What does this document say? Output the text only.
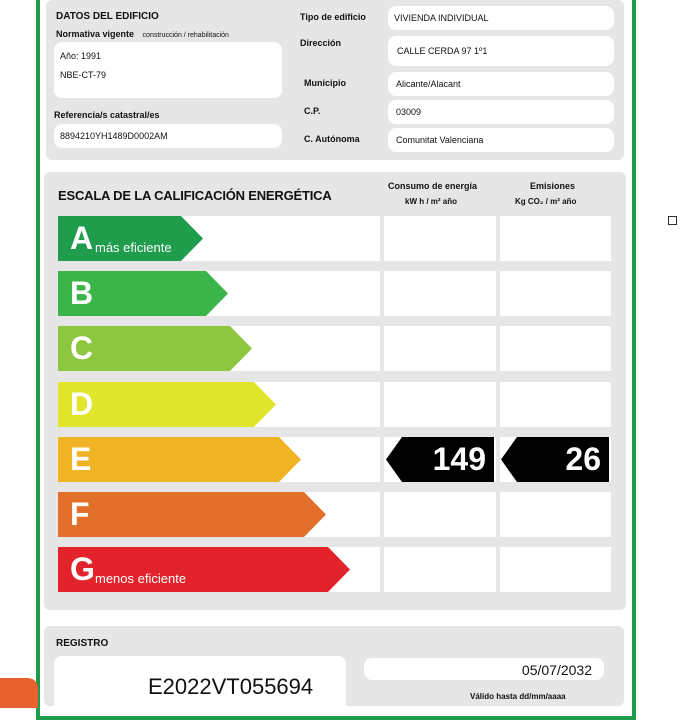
DATOS DEL EDIFICIO
Normativa vigente construcción / rehabilitación
Año: 1991
NBE-CT-79
Referencia/s catastral/es
8894210YH1489D0002AM
Tipo de edificio	VIVIENDA INDIVIDUAL
Dirección
CALLE CERDA 97 1º1
Municipio	Alicante/Alacant
C.P.	03009
C. Autónoma	Comunitat Valenciana
ESCALA DE LA CALIFICACIÓN ENERGÉTICA
Consumo de energía
kW h / m² año
Emisiones
Kg CO₂ / m² año
A más eficiente
B
C
D
E	149 26
F
G menos eficiente
REGISTRO
E2022VT055694
05/07/2032
Válido hasta dd/mm/aaaa
